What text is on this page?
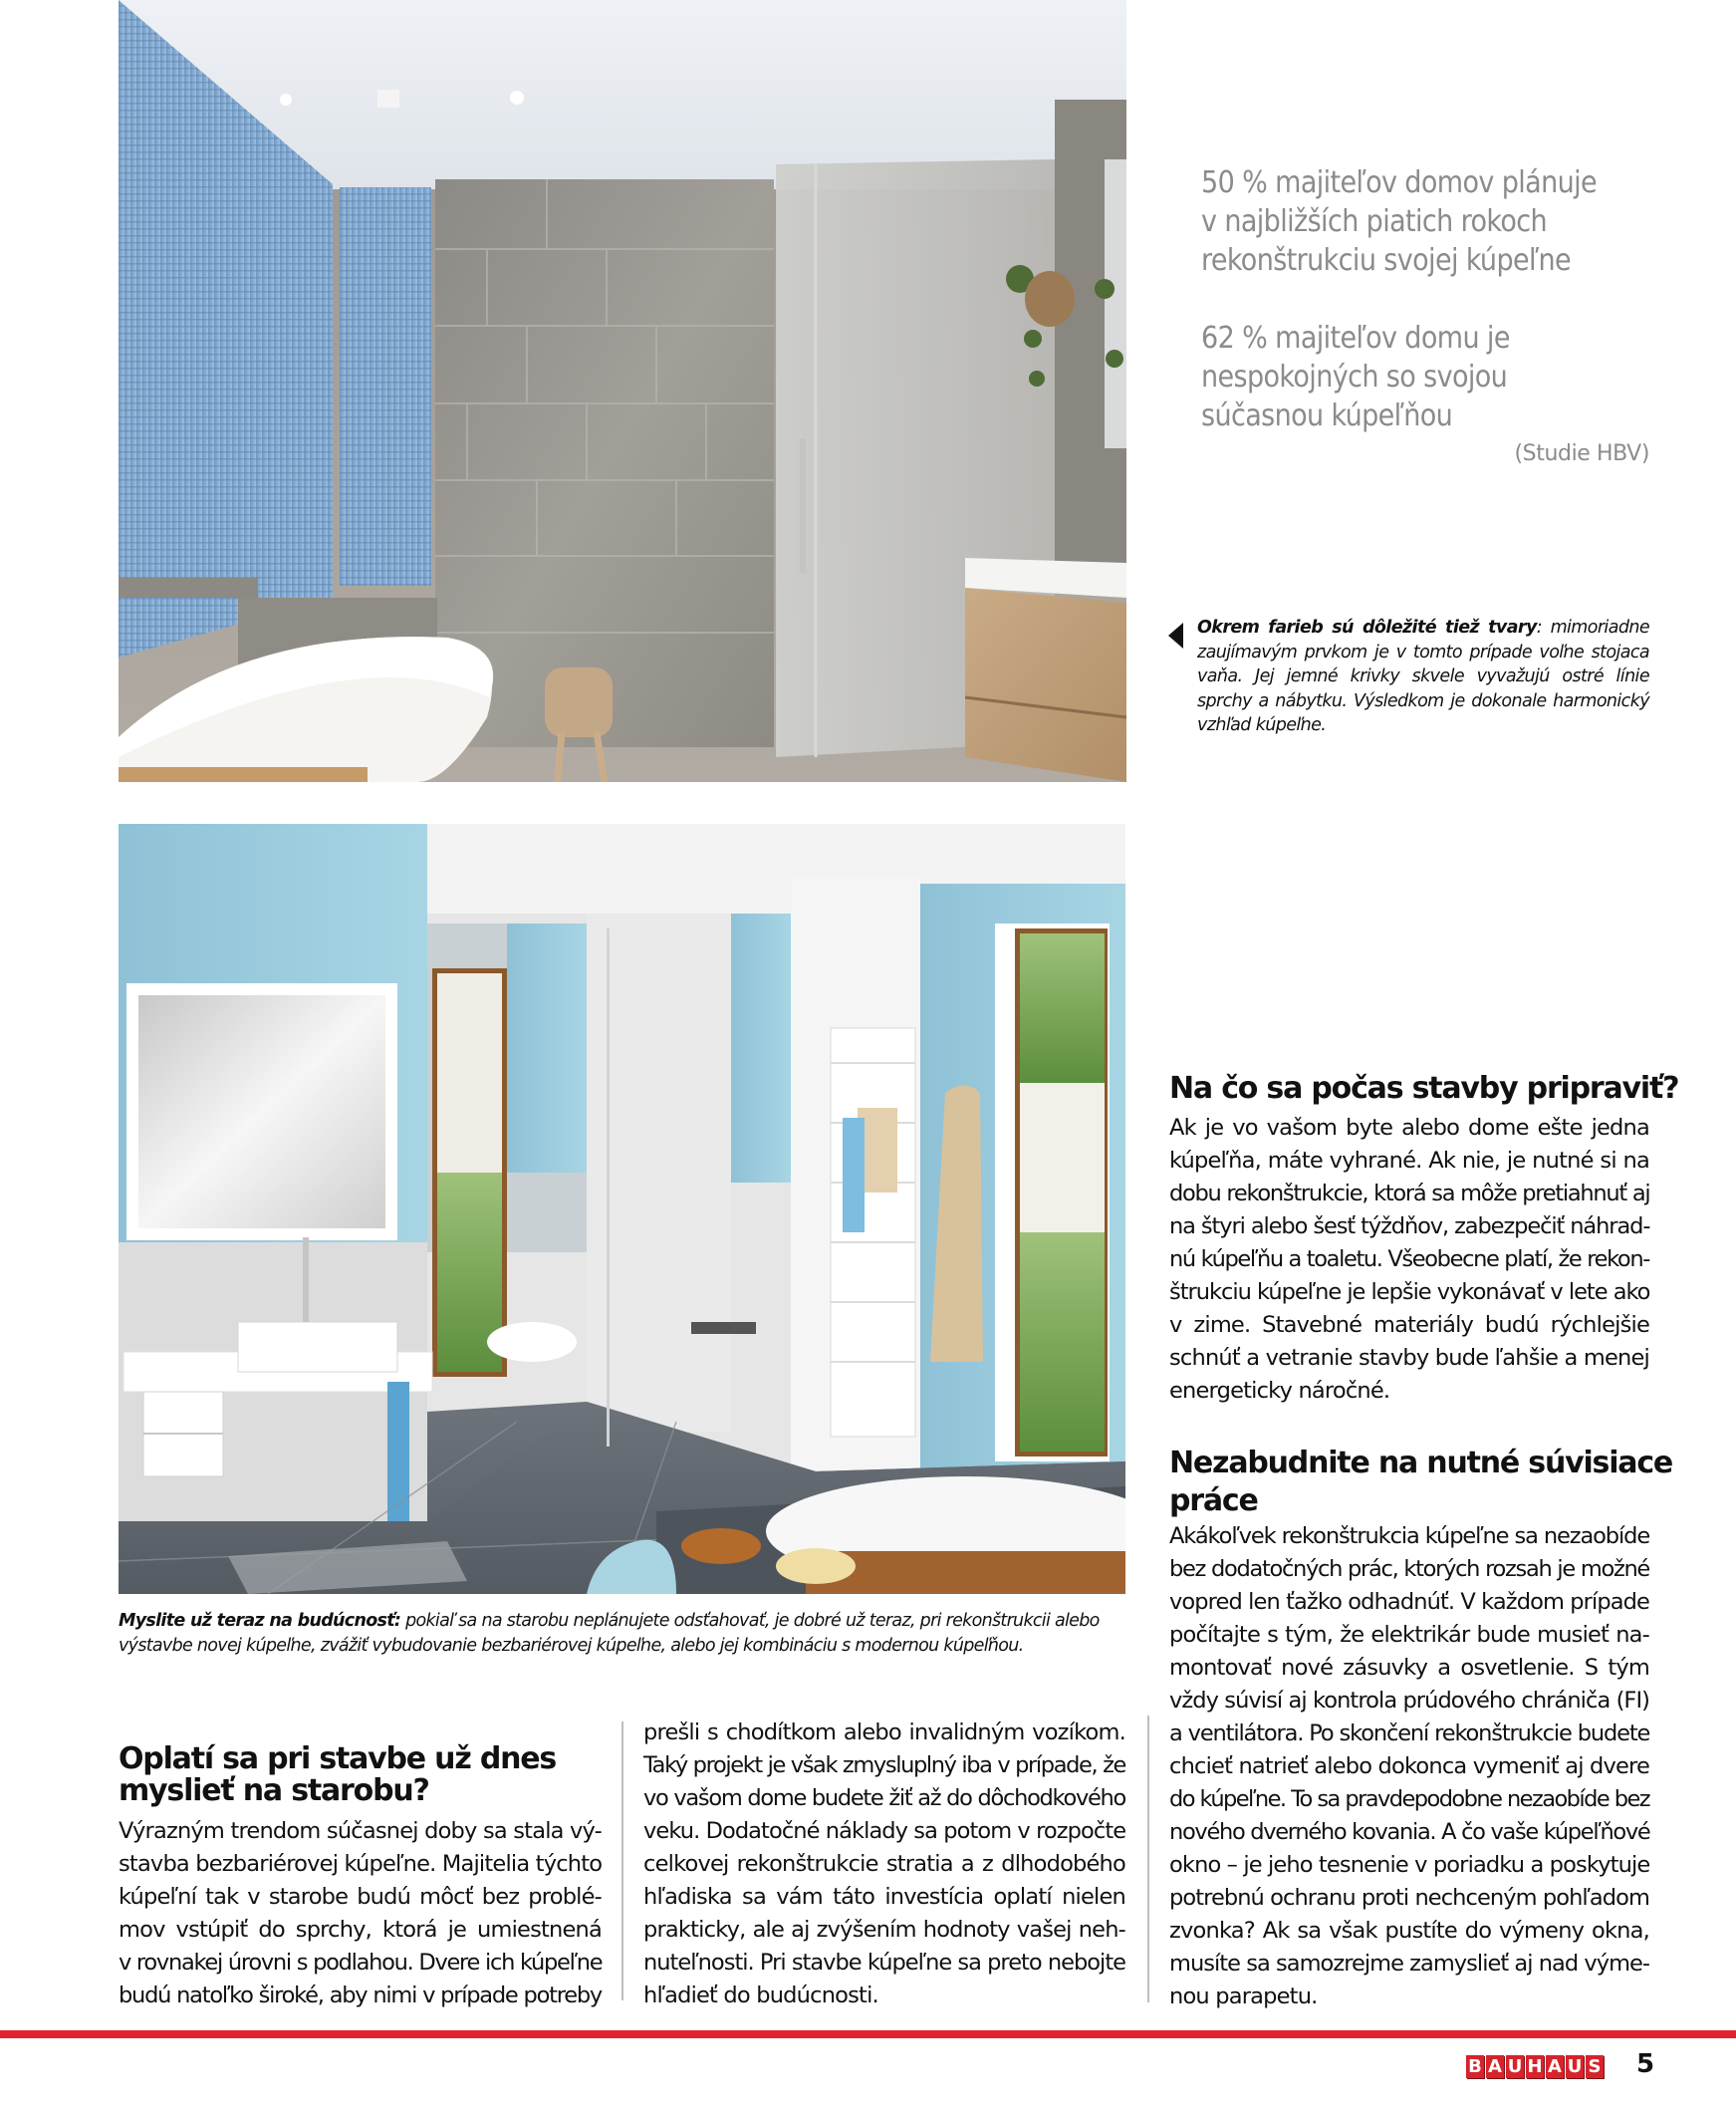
50 % majiteľov domov plánuje
v najbližších piatich rokoch
rekonštrukciu svojej kúpeľne
62 % majiteľov domu je
nespokojných so svojou
súčasnou kúpeľňou
(Studie HBV)
Okrem farieb sú dôležité tiež tvary: mimoriadne zaujímavým prvkom je v tomto prípade voľne stojaca vaňa. Jej jemné krivky skvele vyvažujú ostré línie sprchy a nábytku. Výsledkom je dokonale harmonický vzhľad kúpeľne.
Myslite už teraz na budúcnosť: pokiaľ sa na starobu neplánujete odsťahovať, je dobré už teraz, pri rekonštrukcii alebo
výstavbe novej kúpeľne, zvážiť vybudovanie bezbariérovej kúpeľne, alebo jej kombináciu s modernou kúpeľňou.
Oplatí sa pri stavbe už dnes
myslieť na starobu?
Výrazným trendom súčasnej doby sa stala vý-
stavba bezbariérovej kúpeľne. Majitelia týchto
kúpeľní tak v starobe budú môcť bez problé-
mov vstúpiť do sprchy, ktorá je umiestnená
v rovnakej úrovni s podlahou. Dvere ich kúpeľne
budú natoľko široké, aby nimi v prípade potreby
prešli s chodítkom alebo invalidným vozíkom.
Taký projekt je však zmysluplný iba v prípade, že
vo vašom dome budete žiť až do dôchodkového
veku. Dodatočné náklady sa potom v rozpočte
celkovej rekonštrukcie stratia a z dlhodobého
hľadiska sa vám táto investícia oplatí nielen
prakticky, ale aj zvýšením hodnoty vašej neh-
nuteľnosti. Pri stavbe kúpeľne sa preto nebojte
hľadieť do budúcnosti.
Na čo sa počas stavby pripraviť?
Ak je vo vašom byte alebo dome ešte jedna
kúpeľňa, máte vyhrané. Ak nie, je nutné si na
dobu rekonštrukcie, ktorá sa môže pretiahnuť aj
na štyri alebo šesť týždňov, zabezpečiť náhrad-
nú kúpeľňu a toaletu. Všeobecne platí, že rekon-
štrukciu kúpeľne je lepšie vykonávať v lete ako
v zime. Stavebné materiály budú rýchlejšie
schnúť a vetranie stavby bude ľahšie a menej
energeticky náročné.
Nezabudnite na nutné súvisiace
práce
Akákoľvek rekonštrukcia kúpeľne sa nezaobíde
bez dodatočných prác, ktorých rozsah je možné
vopred len ťažko odhadnúť. V každom prípade
počítajte s tým, že elektrikár bude musieť na-
montovať nové zásuvky a osvetlenie. S tým
vždy súvisí aj kontrola prúdového chrániča (FI)
a ventilátora. Po skončení rekonštrukcie budete
chcieť natrieť alebo dokonca vymeniť aj dvere
do kúpeľne. To sa pravdepodobne nezaobíde bez
nového dverného kovania. A čo vaše kúpeľňové
okno – je jeho tesnenie v poriadku a poskytuje
potrebnú ochranu proti nechceným pohľadom
zvonka? Ak sa však pustíte do výmeny okna,
musíte sa samozrejme zamyslieť aj nad výme-
nou parapetu.
B A U H A U S 5
